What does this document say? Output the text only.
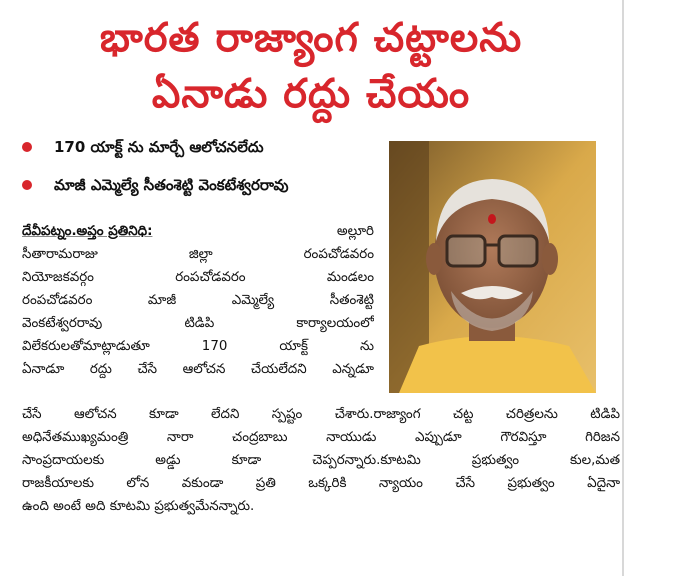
భారత రాజ్యాంగ చట్టాలను
ఏనాడు రద్దు చేయం
170 యాక్ట్ ను మార్చే ఆలోచనలేదు
మాజీ ఎమ్మెల్యే సీతంశెట్టి వెంకటేశ్వరరావు
దేవీపట్నం.అప్తం ప్రతినిధి:	అల్లూరి
సీతారామరాజు జిల్లా రంపచోడవరం
నియోజకవర్గం రంపచోడవరం మండలం
రంపచోడవరం మాజీ ఎమ్మెల్యే సీతంశెట్టి
వెంకటేశ్వరరావు టిడిపి కార్యాలయంలో
విలేకరులతోమాట్లాడుతూ 170 యాక్ట్ ను
ఏనాడూ రద్దు చేసే ఆలోచన చేయలేదని ఎన్నడూ
చేసే ఆలోచన కూడా లేదని స్పష్టం చేశారు.రాజ్యాంగ చట్ట చరిత్రలను టిడిపి
అధినేతముఖ్యమంత్రి నారా చంద్రబాబు నాయుడు ఎప్పుడూ గౌరవిస్తూ గిరిజన
సాంప్రదాయలకు అడ్డు కూడా చెప్పరన్నారు.కూటమి ప్రభుత్వం కుల,మత
రాజకీయాలకు లోన వకుండా ప్రతి ఒక్కరికి న్యాయం చేసే ప్రభుత్వం ఏదైనా
ఉంది అంటే అది కూటమి ప్రభుత్వమేనన్నారు.
